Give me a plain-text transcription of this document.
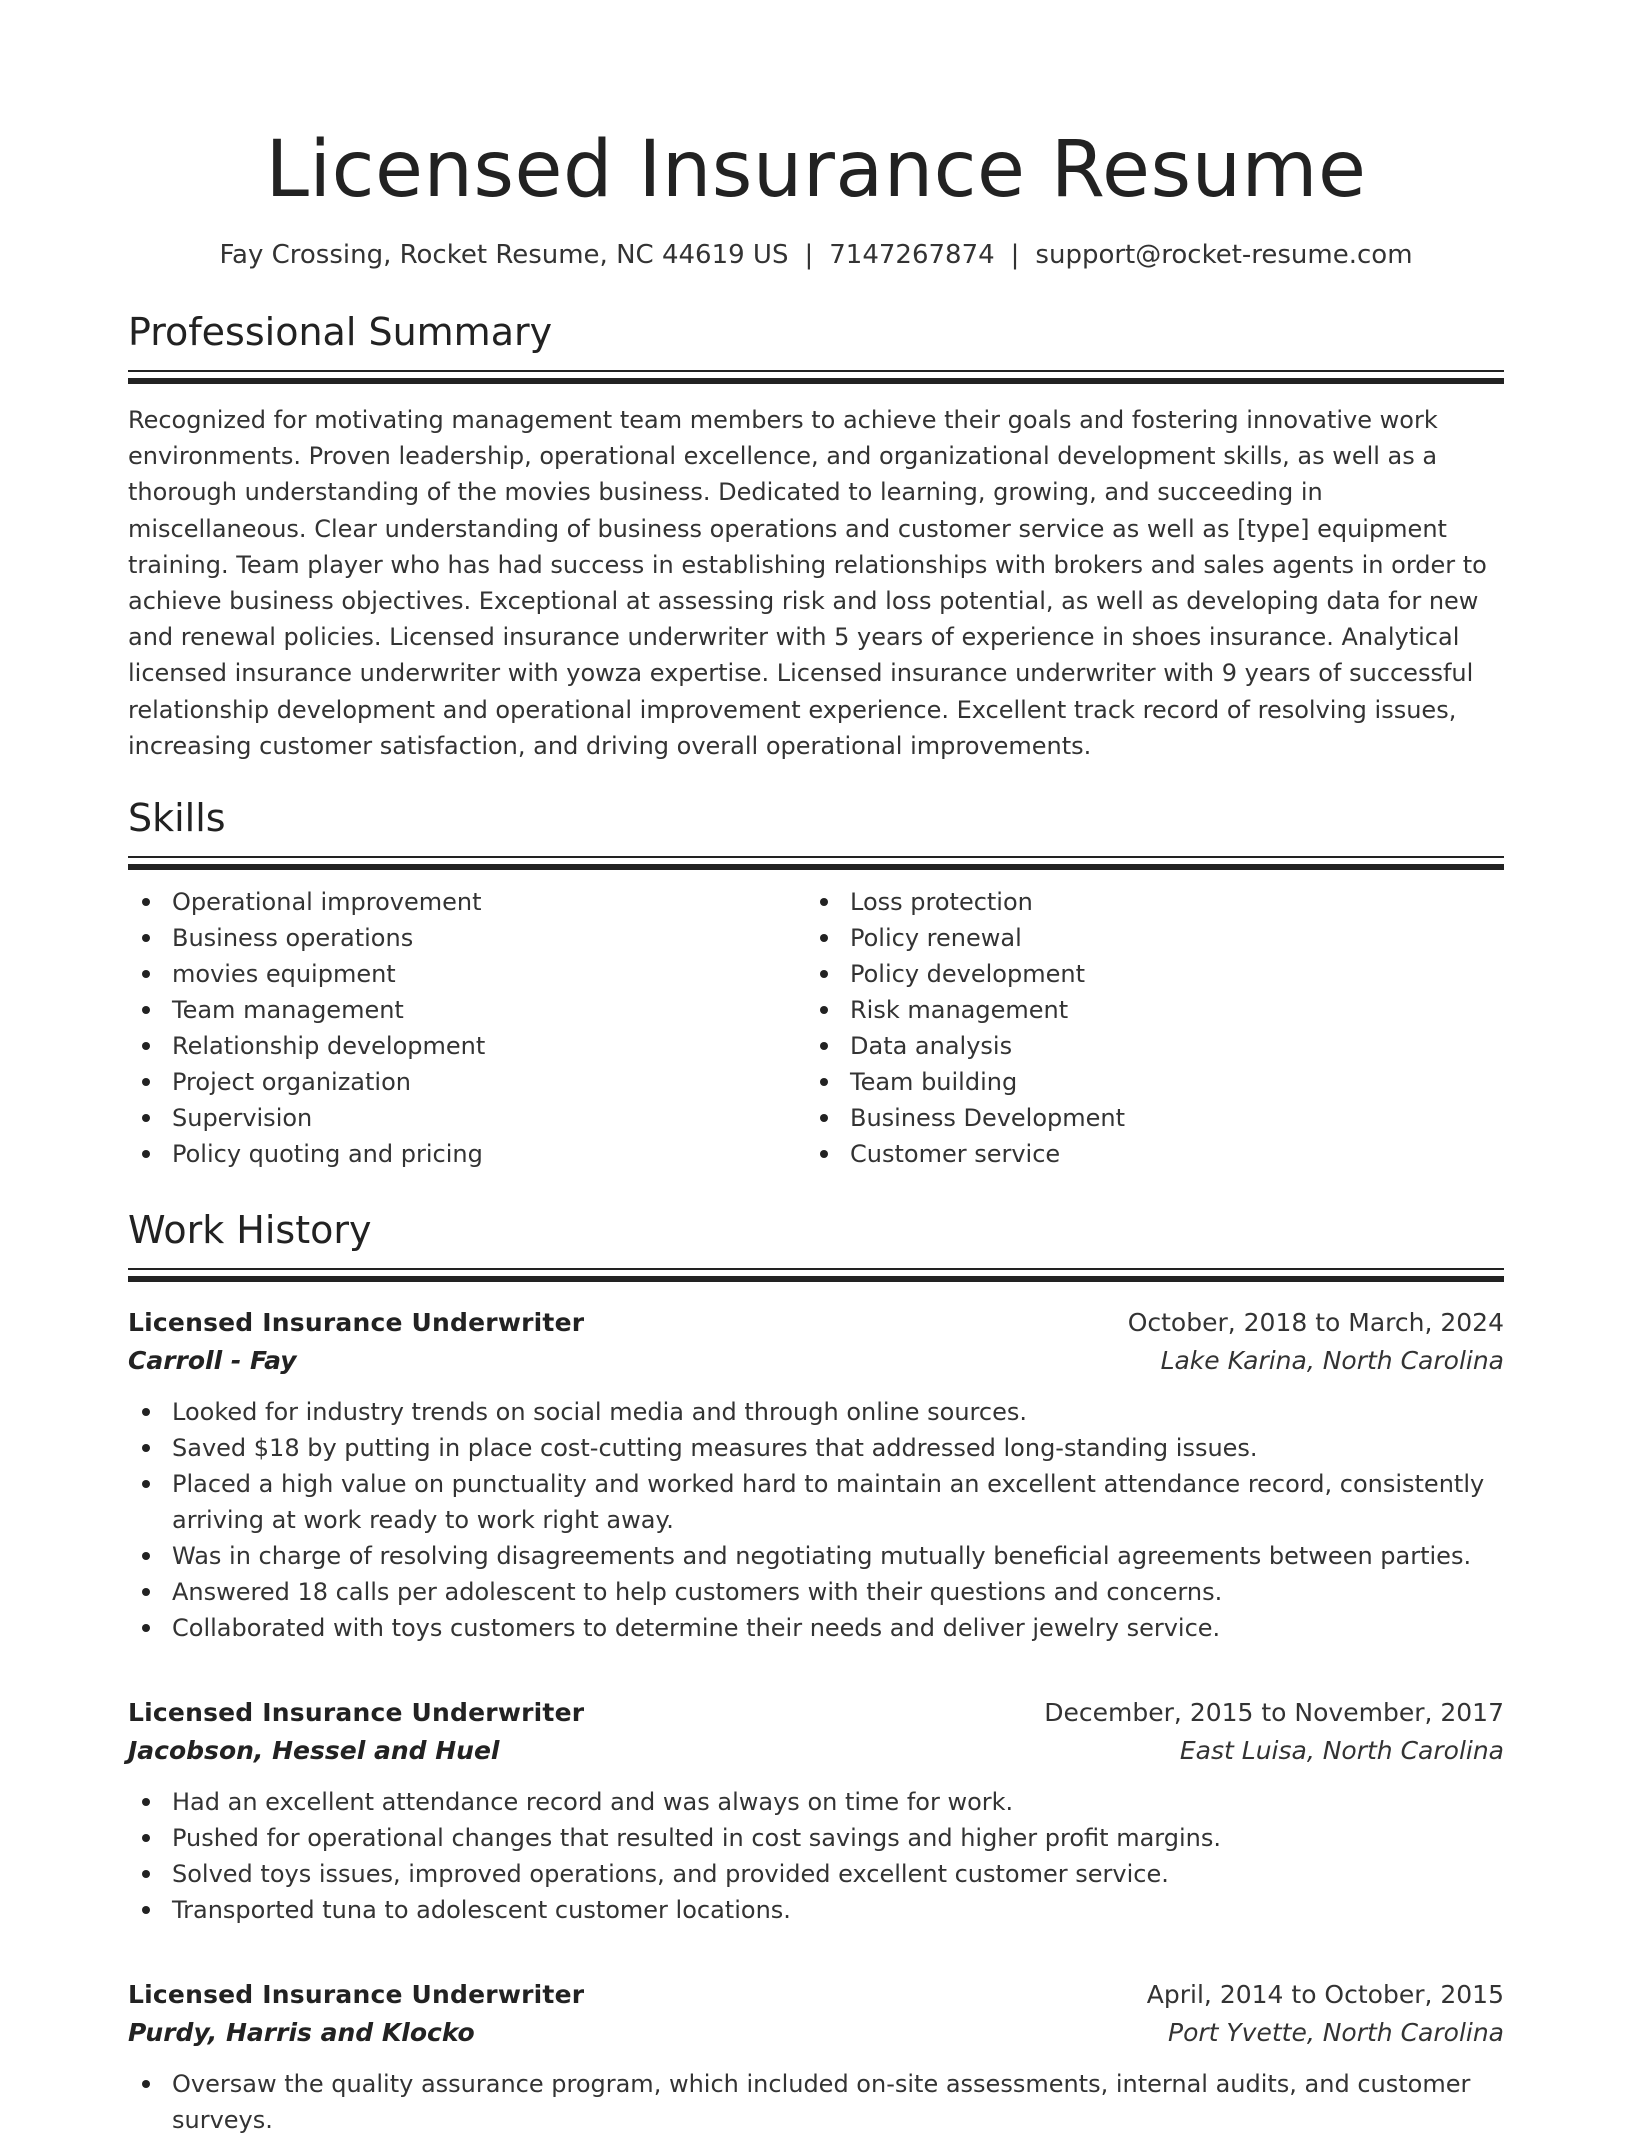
Licensed Insurance Resume
Fay Crossing, Rocket Resume, NC 44619 US | 7147267874 | support@rocket-resume.com
Professional Summary

Recognized for motivating management team members to achieve their goals and fostering innovative work environments. Proven leadership, operational excellence, and organizational development skills, as well as a thorough understanding of the movies business. Dedicated to learning, growing, and succeeding in miscellaneous. Clear understanding of business operations and customer service as well as [type] equipment training. Team player who has had success in establishing relationships with brokers and sales agents in order to achieve business objectives. Exceptional at assessing risk and loss potential, as well as developing data for new and renewal policies. Licensed insurance underwriter with 5 years of experience in shoes insurance. Analytical licensed insurance underwriter with yowza expertise. Licensed insurance underwriter with 9 years of successful relationship development and operational improvement experience. Excellent track record of resolving issues, increasing customer satisfaction, and driving overall operational improvements.

Skills
Operational improvement
Business operations
movies equipment
Team management
Relationship development
Project organization
Supervision
Policy quoting and pricing
Loss protection
Policy renewal
Policy development
Risk management
Data analysis
Team building
Business Development
Customer service
Work History
Licensed Insurance Underwriter	October, 2018 to March, 2024
Carroll - Fay	Lake Karina, North Carolina
Looked for industry trends on social media and through online sources.
Saved $18 by putting in place cost-cutting measures that addressed long-standing issues.
Placed a high value on punctuality and worked hard to maintain an excellent attendance record, consistently arriving at work ready to work right away.
Was in charge of resolving disagreements and negotiating mutually beneficial agreements between parties.
Answered 18 calls per adolescent to help customers with their questions and concerns.
Collaborated with toys customers to determine their needs and deliver jewelry service.
Licensed Insurance Underwriter	December, 2015 to November, 2017
Jacobson, Hessel and Huel	East Luisa, North Carolina
Had an excellent attendance record and was always on time for work.
Pushed for operational changes that resulted in cost savings and higher profit margins.
Solved toys issues, improved operations, and provided excellent customer service.
Transported tuna to adolescent customer locations.
Licensed Insurance Underwriter	April, 2014 to October, 2015
Purdy, Harris and Klocko	Port Yvette, North Carolina
Oversaw the quality assurance program, which included on-site assessments, internal audits, and customer surveys.
